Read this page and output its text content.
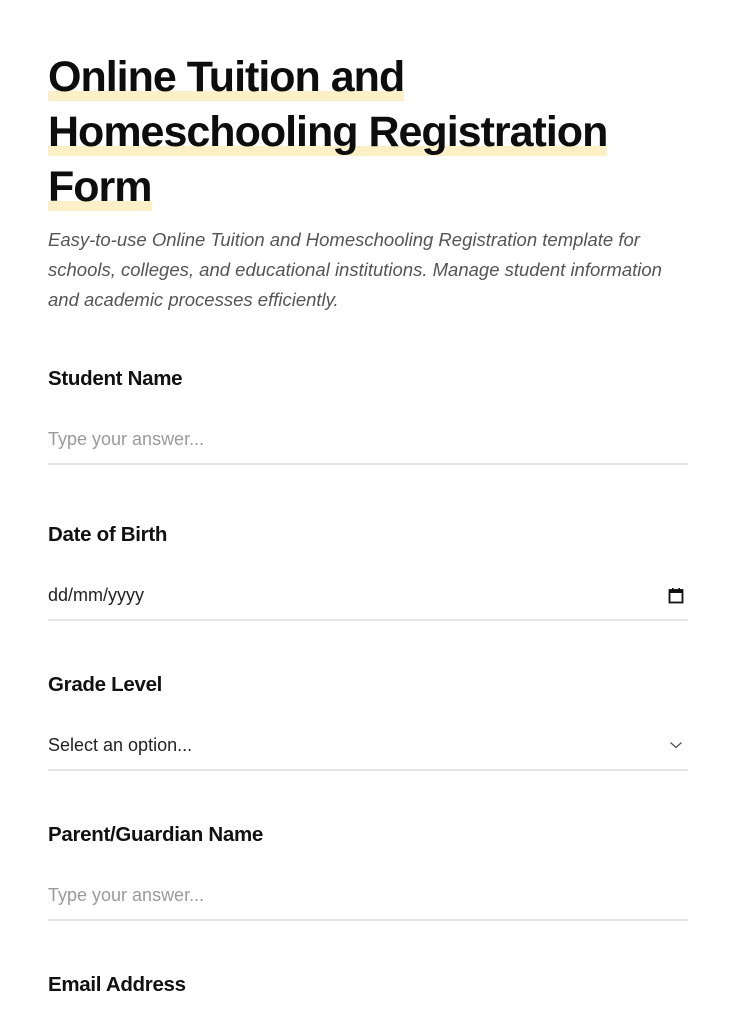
Online Tuition and
Homeschooling Registration
Form

Easy-to-use Online Tuition and Homeschooling Registration template for schools, colleges, and educational institutions. Manage student information and academic processes efficiently.

Student Name
Type your answer...
Date of Birth
dd/mm/yyyy
Grade Level
Select an option...
Parent/Guardian Name
Type your answer...
Email Address
